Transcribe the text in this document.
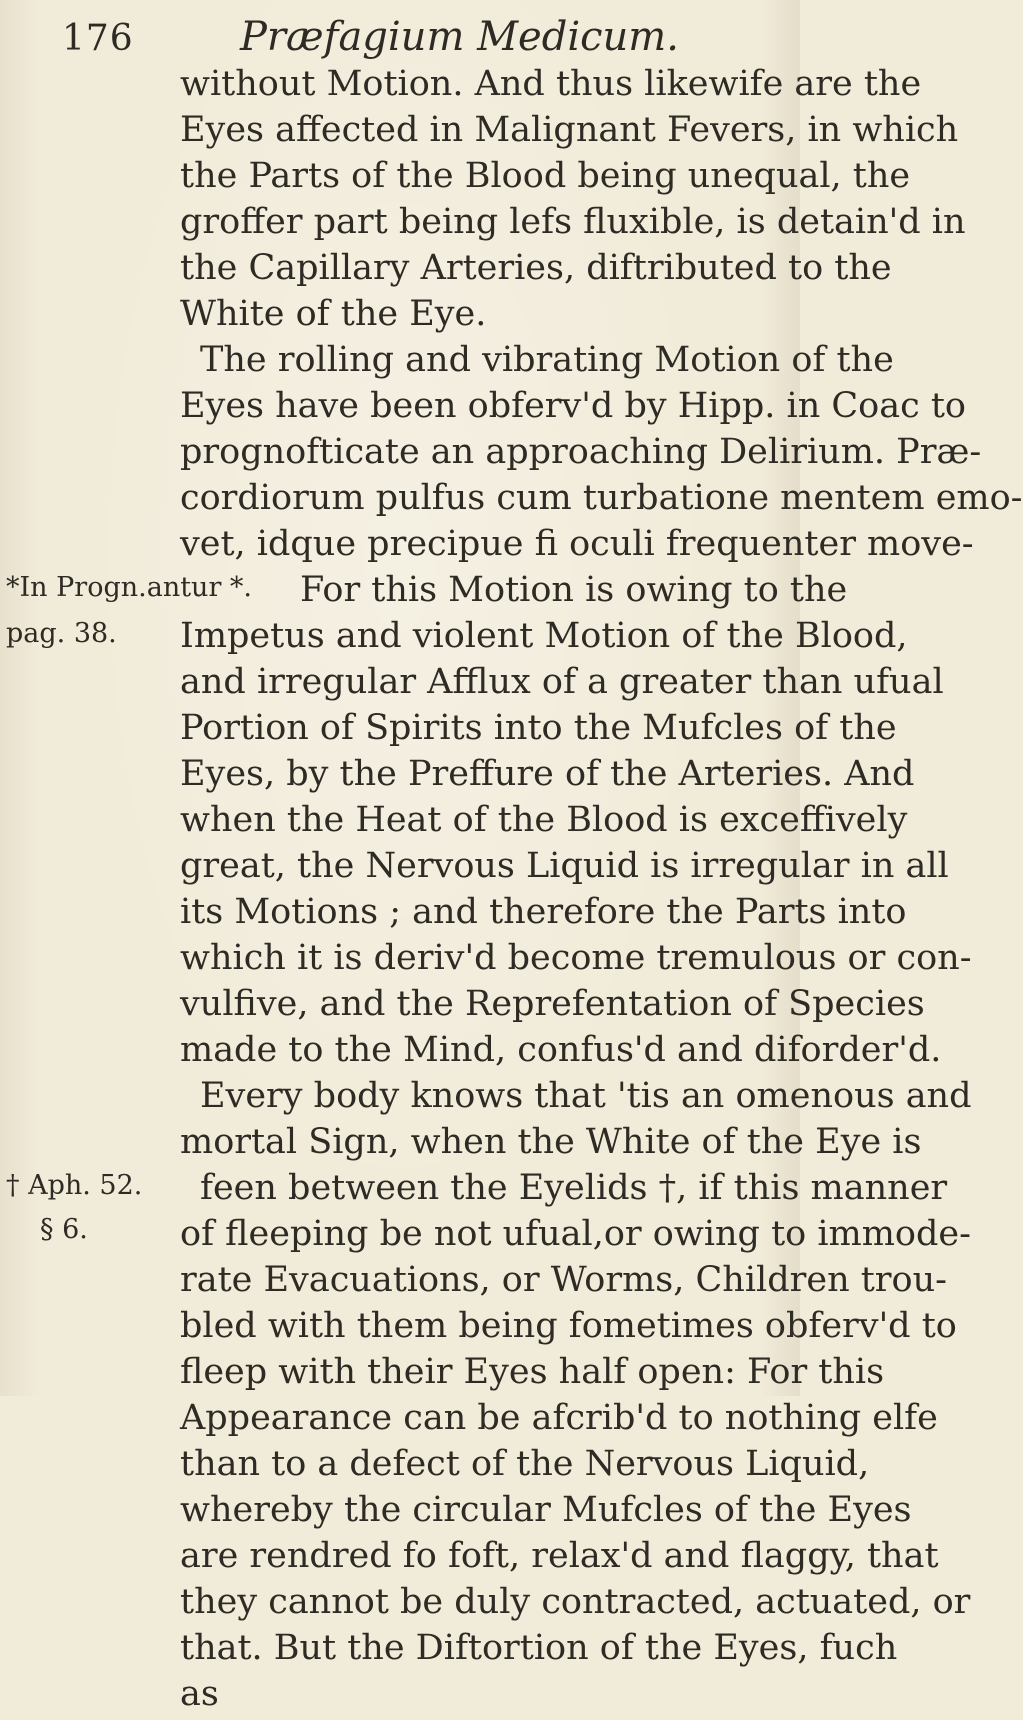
176	Præfagium Medicum.
without Motion. And thus likewife are the
Eyes affected in Malignant Fevers, in which
the Parts of the Blood being unequal, the
groffer part being lefs fluxible, is detain'd in
the Capillary Arteries, diftributed to the
White of the Eye.
The rolling and vibrating Motion of the
Eyes have been obferv'd by Hipp. in Coac to
prognofticate an approaching Delirium. Præ-
cordiorum pulfus cum turbatione mentem emo-
vet, idque precipue fi oculi frequenter move-
For this Motion is owing to the
Impetus and violent Motion of the Blood,
and irregular Afflux of a greater than ufual
Portion of Spirits into the Mufcles of the
Eyes, by the Preffure of the Arteries. And
when the Heat of the Blood is exceffively
great, the Nervous Liquid is irregular in all
its Motions ; and therefore the Parts into
which it is deriv'd become tremulous or con-
vulfive, and the Reprefentation of Species
made to the Mind, confus'd and diforder'd.
Every body knows that 'tis an omenous and
mortal Sign, when the White of the Eye is
feen between the Eyelids †, if this manner
of fleeping be not ufual,or owing to immode-
rate Evacuations, or Worms, Children trou-
bled with them being fometimes obferv'd to
fleep with their Eyes half open: For this
Appearance can be afcrib'd to nothing elfe
than to a defect of the Nervous Liquid,
whereby the circular Mufcles of the Eyes
are rendred fo foft, relax'd and flaggy, that
they cannot be duly contracted, actuated, or
that. But the Diftortion of the Eyes, fuch
as
*In Progn.antur *.
pag. 38.
† Aph. 52.
§ 6.
